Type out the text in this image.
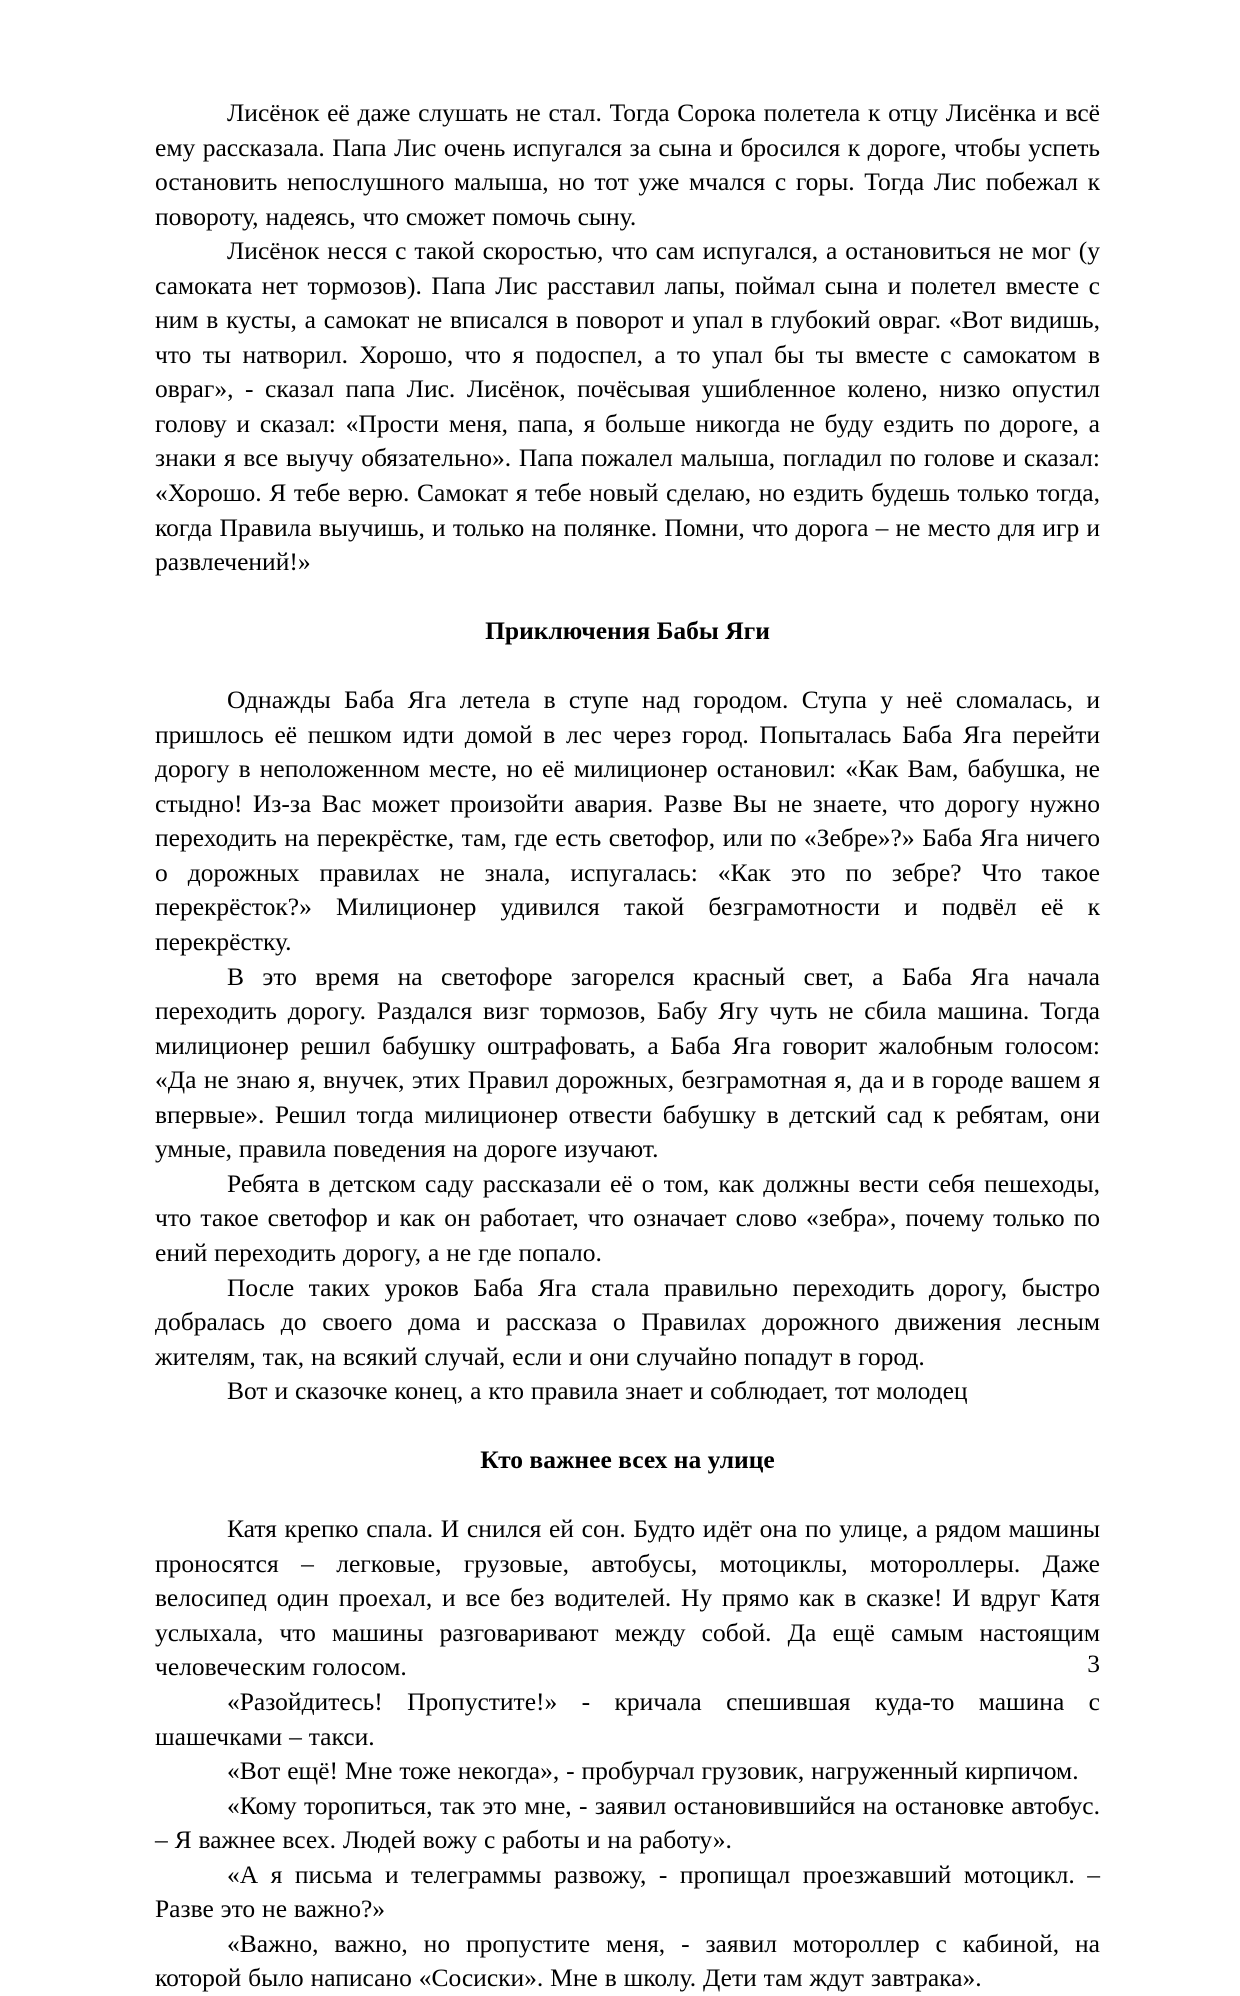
Лисёнок её даже слушать не стал. Тогда Сорока полетела к отцу Лисёнка и всё ему рассказала. Папа Лис очень испугался за сына и бросился к дороге, чтобы успеть остановить непослушного малыша, но тот уже мчался с горы. Тогда Лис побежал к повороту, надеясь, что сможет помочь сыну.

Лисёнок несся с такой скоростью, что сам испугался, а остановиться не мог (у самоката нет тормозов). Папа Лис расставил лапы, поймал сына и полетел вместе с ним в кусты, а самокат не вписался в поворот и упал в глубокий овраг. «Вот видишь, что ты натворил. Хорошо, что я подоспел, а то упал бы ты вместе с самокатом в овраг», - сказал папа Лис. Лисёнок, почёсывая ушибленное колено, низко опустил голову и сказал: «Прости меня, папа, я больше никогда не буду ездить по дороге, а знаки я все выучу обязательно». Папа пожалел малыша, погладил по голове и сказал: «Хорошо. Я тебе верю. Самокат я тебе новый сделаю, но ездить будешь только тогда, когда Правила выучишь, и только на полянке. Помни, что дорога – не место для игр и развлечений!»

Приключения Бабы Яги

Однажды Баба Яга летела в ступе над городом. Ступа у неё сломалась, и пришлось её пешком идти домой в лес через город. Попыталась Баба Яга перейти дорогу в неположенном месте, но её милиционер остановил: «Как Вам, бабушка, не стыдно! Из-за Вас может произойти авария. Разве Вы не знаете, что дорогу нужно переходить на перекрёстке, там, где есть светофор, или по «Зебре»?» Баба Яга ничего о дорожных правилах не знала, испугалась: «Как это по зебре? Что такое перекрёсток?» Милиционер удивился такой безграмотности и подвёл её к перекрёстку.

В это время на светофоре загорелся красный свет, а Баба Яга начала переходить дорогу. Раздался визг тормозов, Бабу Ягу чуть не сбила машина. Тогда милиционер решил бабушку оштрафовать, а Баба Яга говорит жалобным голосом: «Да не знаю я, внучек, этих Правил дорожных, безграмотная я, да и в городе вашем я впервые». Решил тогда милиционер отвести бабушку в детский сад к ребятам, они умные, правила поведения на дороге изучают.

Ребята в детском саду рассказали её о том, как должны вести себя пешеходы, что такое светофор и как он работает, что означает слово «зебра», почему только по ений переходить дорогу, а не где попало.

После таких уроков Баба Яга стала правильно переходить дорогу, быстро добралась до своего дома и рассказа о Правилах дорожного движения лесным жителям, так, на всякий случай, если и они случайно попадут в город.

Вот и сказочке конец, а кто правила знает и соблюдает, тот молодец

Кто важнее всех на улице

Катя крепко спала. И снился ей сон. Будто идёт она по улице, а рядом машины проносятся – легковые, грузовые, автобусы, мотоциклы, мотороллеры. Даже велосипед один проехал, и все без водителей. Ну прямо как в сказке! И вдруг Катя услыхала, что машины разговаривают между собой. Да ещё самым настоящим человеческим голосом.

«Разойдитесь! Пропустите!» - кричала спешившая куда-то машина с шашечками – такси.

«Вот ещё! Мне тоже некогда», - пробурчал грузовик, нагруженный кирпичом.

«Кому торопиться, так это мне, - заявил остановившийся на остановке автобус. – Я важнее всех. Людей вожу с работы и на работу».

«А я письма и телеграммы развожу, - пропищал проезжавший мотоцикл. – Разве это не важно?»

«Важно, важно, но пропустите меня, - заявил мотороллер с кабиной, на которой было написано «Сосиски». Мне в школу. Дети там ждут завтрака».

3
